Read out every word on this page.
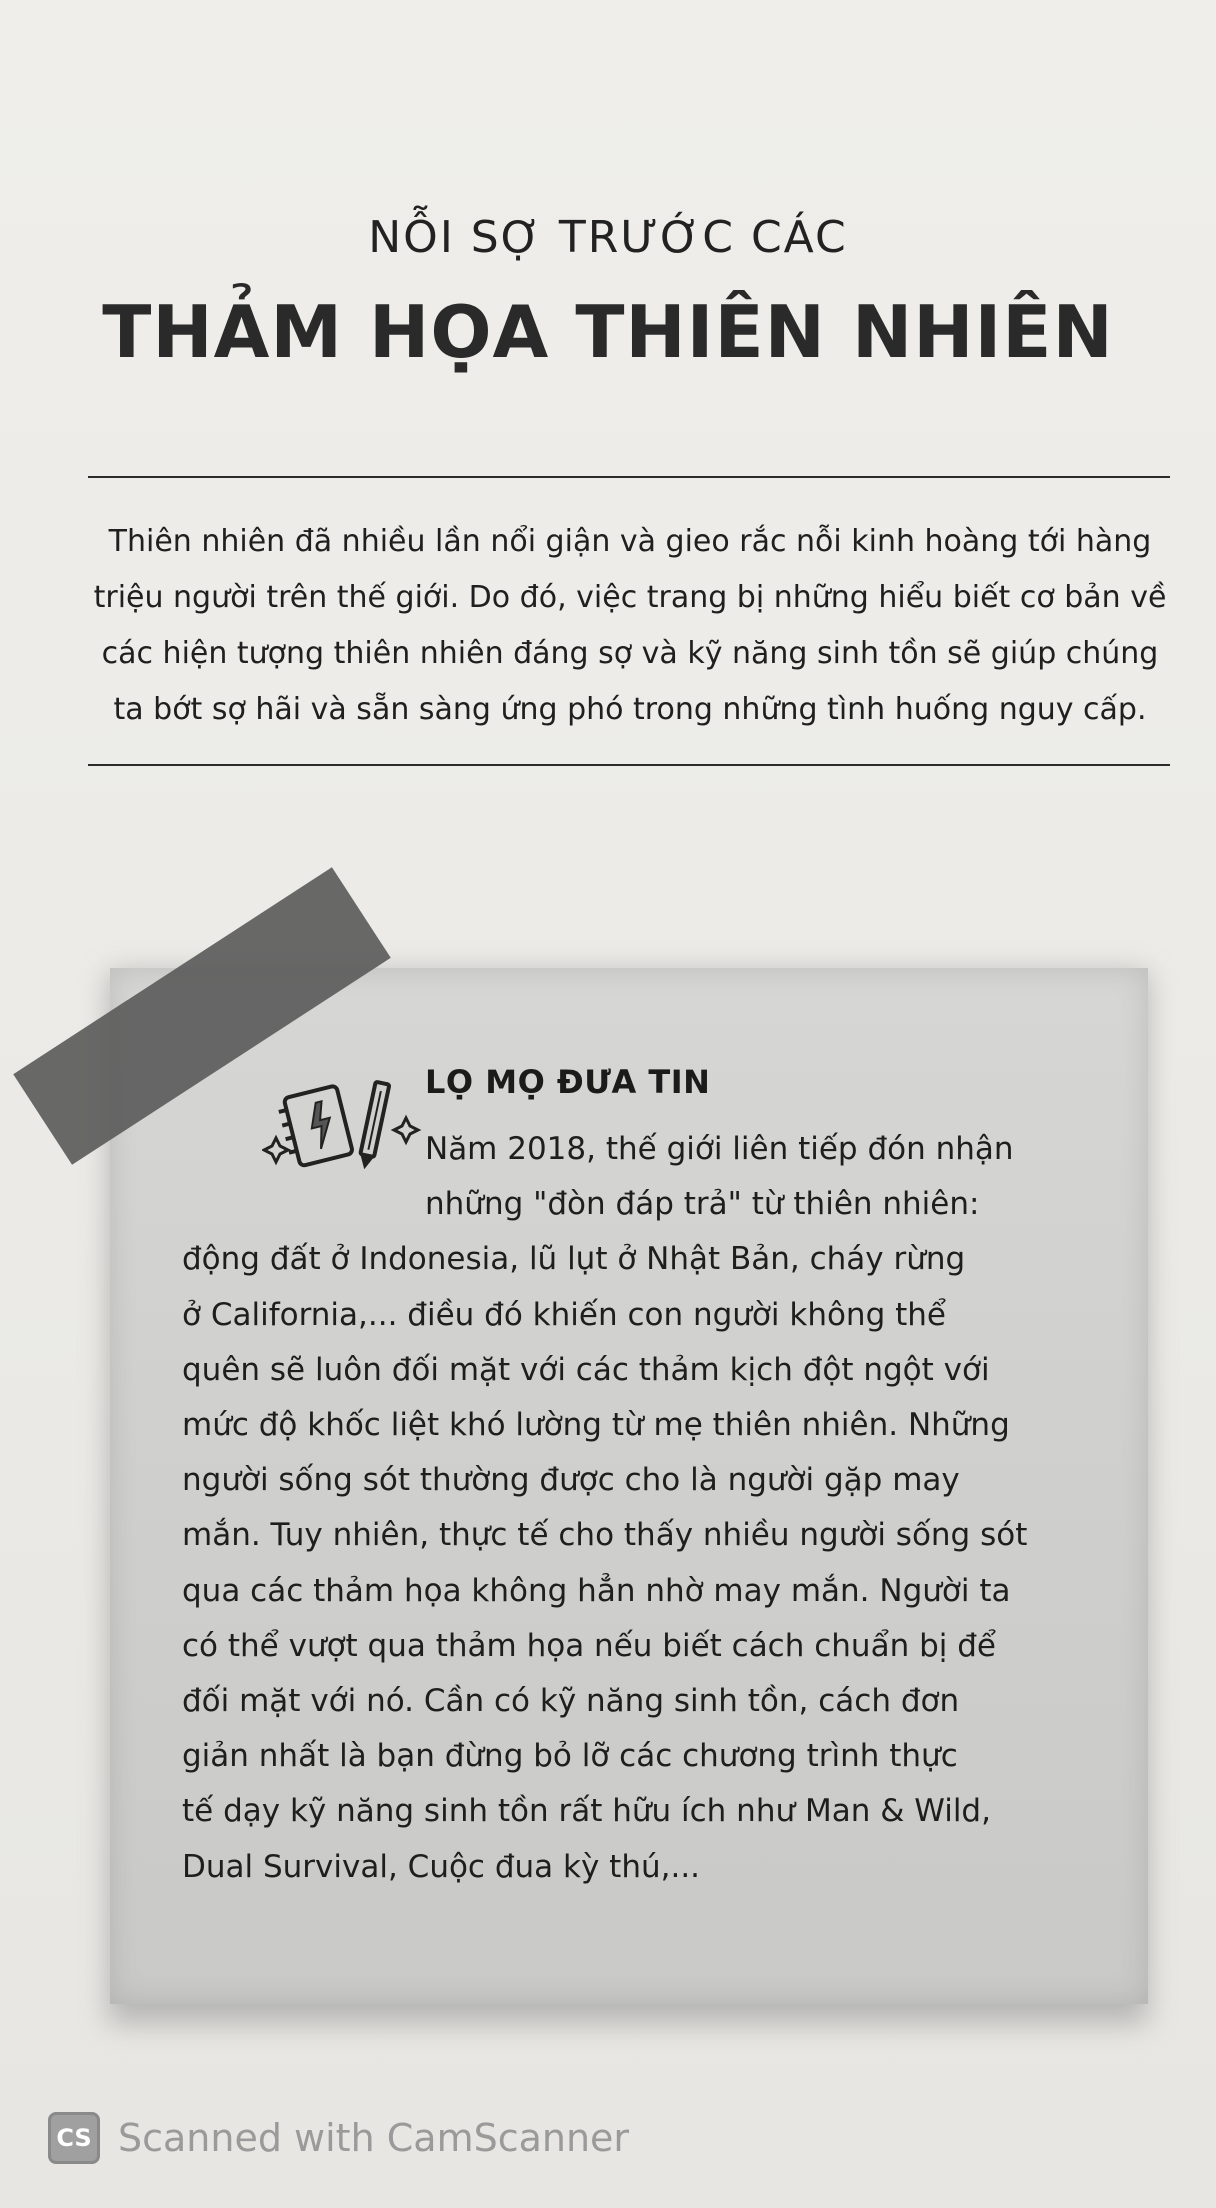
NỖI SỢ TRƯỚC CÁC
THẢM HỌA THIÊN NHIÊN

Thiên nhiên đã nhiều lần nổi giận và gieo rắc nỗi kinh hoàng tới hàng

triệu người trên thế giới. Do đó, việc trang bị những hiểu biết cơ bản về

các hiện tượng thiên nhiên đáng sợ và kỹ năng sinh tồn sẽ giúp chúng

ta bớt sợ hãi và sẵn sàng ứng phó trong những tình huống nguy cấp.

LỌ MỌ ĐƯA TIN
Năm 2018, thế giới liên tiếp đón nhận
những "đòn đáp trả" từ thiên nhiên:
động đất ở Indonesia, lũ lụt ở Nhật Bản, cháy rừng
ở California,... điều đó khiến con người không thể
quên sẽ luôn đối mặt với các thảm kịch đột ngột với
mức độ khốc liệt khó lường từ mẹ thiên nhiên. Những
người sống sót thường được cho là người gặp may
mắn. Tuy nhiên, thực tế cho thấy nhiều người sống sót
qua các thảm họa không hẳn nhờ may mắn. Người ta
có thể vượt qua thảm họa nếu biết cách chuẩn bị để
đối mặt với nó. Cần có kỹ năng sinh tồn, cách đơn
giản nhất là bạn đừng bỏ lỡ các chương trình thực
tế dạy kỹ năng sinh tồn rất hữu ích như Man & Wild,
Dual Survival, Cuộc đua kỳ thú,...
CS Scanned with CamScanner
